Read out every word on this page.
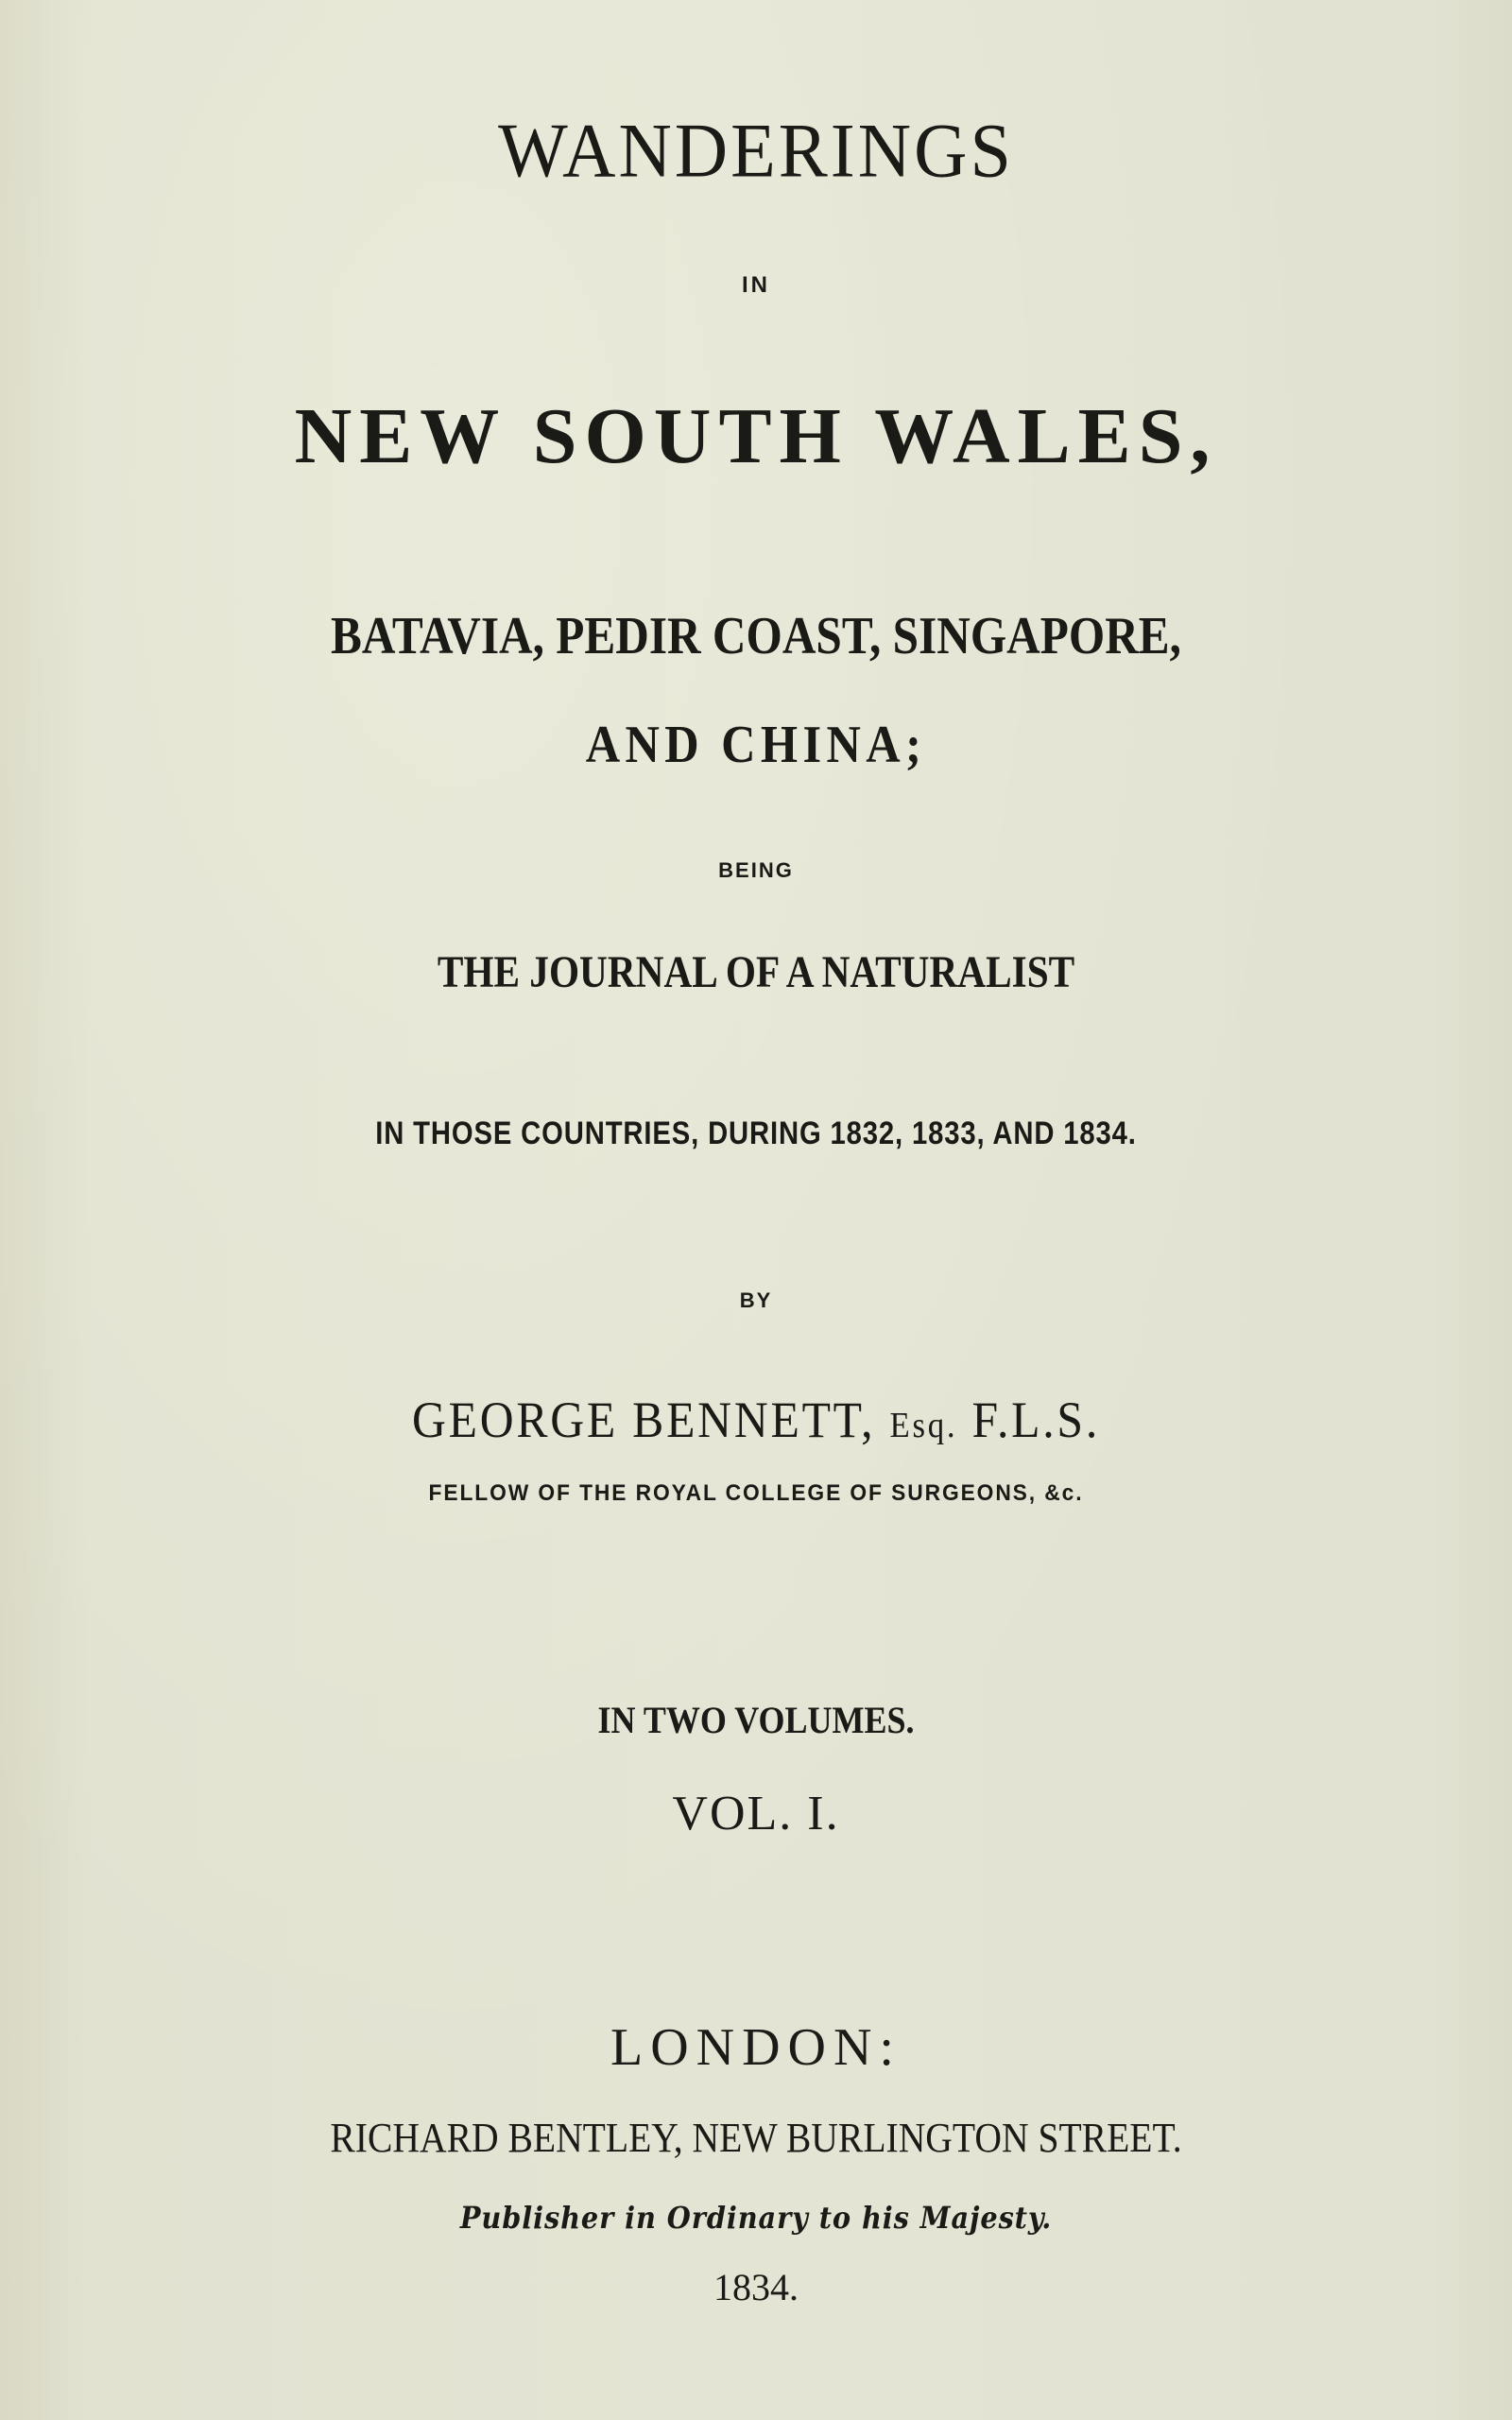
WANDERINGS
IN
NEW SOUTH WALES,
BATAVIA, PEDIR COAST, SINGAPORE,
AND CHINA;
BEING
THE JOURNAL OF A NATURALIST
IN THOSE COUNTRIES, DURING 1832, 1833, AND 1834.
BY
GEORGE BENNETT, Esq. F.L.S.
FELLOW OF THE ROYAL COLLEGE OF SURGEONS, &c.
IN TWO VOLUMES.
VOL. I.
LONDON:
RICHARD BENTLEY, NEW BURLINGTON STREET.
Publisher in Ordinary to his Majesty.
1834.
